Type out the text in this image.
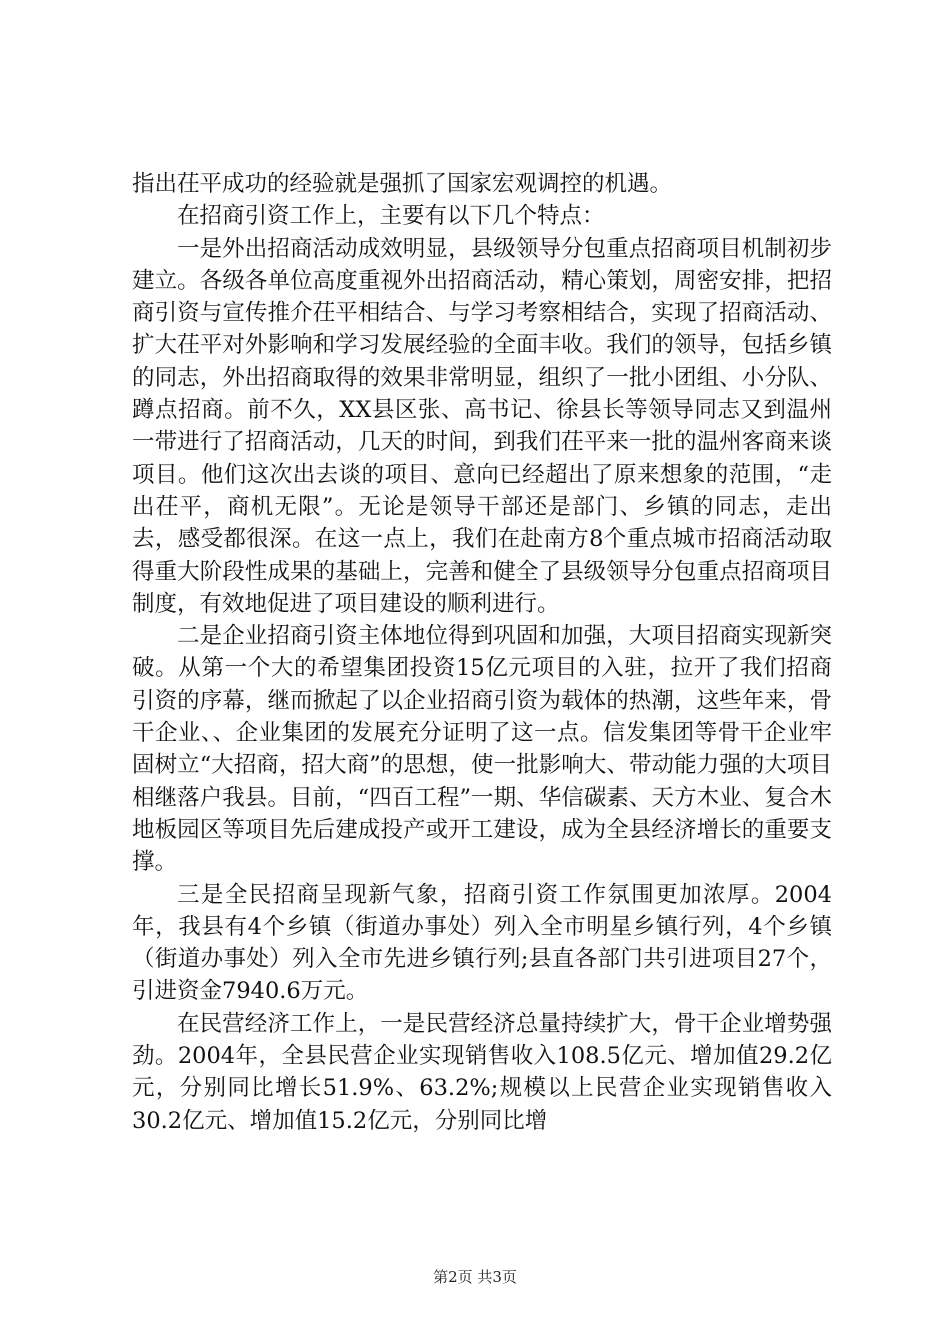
指出茌平成功的经验就是强抓了国家宏观调控的机遇。

在招商引资工作上，主要有以下几个特点：

一是外出招商活动成效明显，县级领导分包重点招商项目机制初步建立。各级各单位高度重视外出招商活动，精心策划，周密安排，把招商引资与宣传推介茌平相结合、与学习考察相结合，实现了招商活动、扩大茌平对外影响和学习发展经验的全面丰收。我们的领导，包括乡镇的同志，外出招商取得的效果非常明显，组织了一批小团组、小分队、蹲点招商。前不久，XX县区张、高书记、徐县长等领导同志又到温州一带进行了招商活动，几天的时间，到我们茌平来一批的温州客商来谈项目。他们这次出去谈的项目、意向已经超出了原来想象的范围，“走出茌平，商机无限”。无论是领导干部还是部门、乡镇的同志，走出去，感受都很深。在这一点上，我们在赴南方8个重点城市招商活动取得重大阶段性成果的基础上，完善和健全了县级领导分包重点招商项目制度，有效地促进了项目建设的顺利进行。

二是企业招商引资主体地位得到巩固和加强，大项目招商实现新突破。从第一个大的希望集团投资15亿元项目的入驻，拉开了我们招商引资的序幕，继而掀起了以企业招商引资为载体的热潮，这些年来，骨干企业、、企业集团的发展充分证明了这一点。信发集团等骨干企业牢固树立“大招商，招大商”的思想，使一批影响大、带动能力强的大项目相继落户我县。目前，“四百工程”一期、华信碳素、天方木业、复合木地板园区等项目先后建成投产或开工建设，成为全县经济增长的重要支撑。

三是全民招商呈现新气象，招商引资工作氛围更加浓厚。2004年，我县有4个乡镇（街道办事处）列入全市明星乡镇行列，4个乡镇（街道办事处）列入全市先进乡镇行列;县直各部门共引进项目27个，引进资金7940.6万元。

在民营经济工作上，一是民营经济总量持续扩大，骨干企业增势强劲。2004年，全县民营企业实现销售收入108.5亿元、增加值29.2亿元，分别同比增长51.9%、63.2%;规模以上民营企业实现销售收入30.2亿元、增加值15.2亿元，分别同比增

第2页 共3页
